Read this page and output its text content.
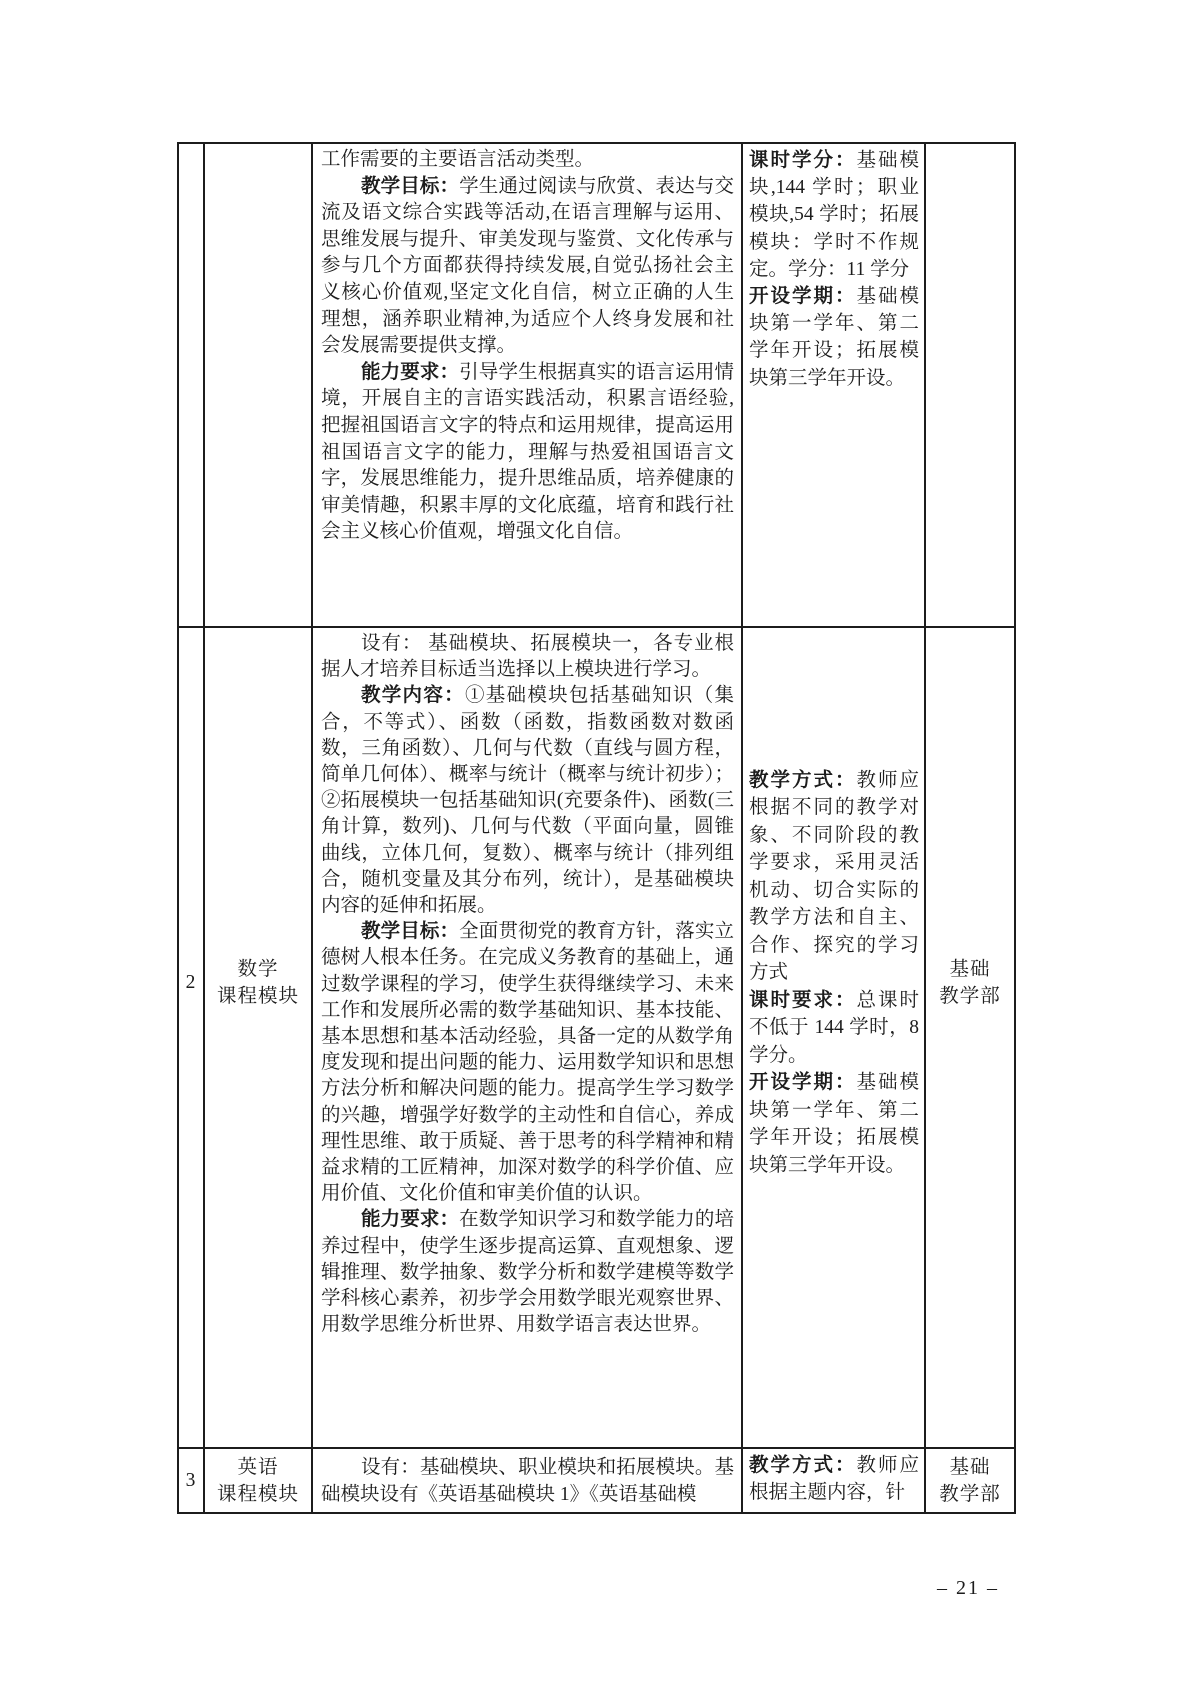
工作需要的主要语言活动类型。

教学目标：学生通过阅读与欣赏、表达与交流及语文综合实践等活动,在语言理解与运用、思维发展与提升、审美发现与鉴赏、文化传承与参与几个方面都获得持续发展,自觉弘扬社会主义核心价值观,坚定文化自信，树立正确的人生理想，涵养职业精神,为适应个人终身发展和社会发展需要提供支撑。

能力要求：引导学生根据真实的语言运用情境，开展自主的言语实践活动，积累言语经验,把握祖国语言文字的特点和运用规律，提高运用祖国语言文字的能力，理解与热爱祖国语言文字，发展思维能力，提升思维品质，培养健康的审美情趣，积累丰厚的文化底蕴，培育和践行社会主义核心价值观，增强文化自信。

课时学分：基础模块,144 学时；职业模块,54 学时；拓展模块：学时不作规定。学分：11 学分

开设学期：基础模块第一学年、第二学年开设；拓展模块第三学年开设。

2

数学

课程模块

设有： 基础模块、拓展模块一，各专业根据人才培养目标适当选择以上模块进行学习。

教学内容：①基础模块包括基础知识（集合，不等式）、函数（函数，指数函数对数函数，三角函数）、几何与代数（直线与圆方程，简单几何体）、概率与统计（概率与统计初步）；②拓展模块一包括基础知识(充要条件)、函数(三角计算，数列)、几何与代数（平面向量，圆锥曲线，立体几何，复数）、概率与统计（排列组合，随机变量及其分布列，统计），是基础模块内容的延伸和拓展。

教学目标：全面贯彻党的教育方针，落实立德树人根本任务。在完成义务教育的基础上，通过数学课程的学习，使学生获得继续学习、未来工作和发展所必需的数学基础知识、基本技能、基本思想和基本活动经验，具备一定的从数学角度发现和提出问题的能力、运用数学知识和思想方法分析和解决问题的能力。提高学生学习数学的兴趣，增强学好数学的主动性和自信心，养成理性思维、敢于质疑、善于思考的科学精神和精益求精的工匠精神，加深对数学的科学价值、应用价值、文化价值和审美价值的认识。

能力要求：在数学知识学习和数学能力的培养过程中，使学生逐步提高运算、直观想象、逻辑推理、数学抽象、数学分析和数学建模等数学学科核心素养，初步学会用数学眼光观察世界、用数学思维分析世界、用数学语言表达世界。

教学方式：教师应根据不同的教学对象、不同阶段的教学要求，采用灵活机动、切合实际的教学方法和自主、合作、探究的学习方式

课时要求：总课时不低于 144 学时，8 学分。

开设学期：基础模块第一学年、第二学年开设；拓展模块第三学年开设。

基础

教学部

3

英语

课程模块

设有：基础模块、职业模块和拓展模块。基础模块设有《英语基础模块 1》《英语基础模

教学方式：教师应根据主题内容，针

基础

教学部

– 21 –
